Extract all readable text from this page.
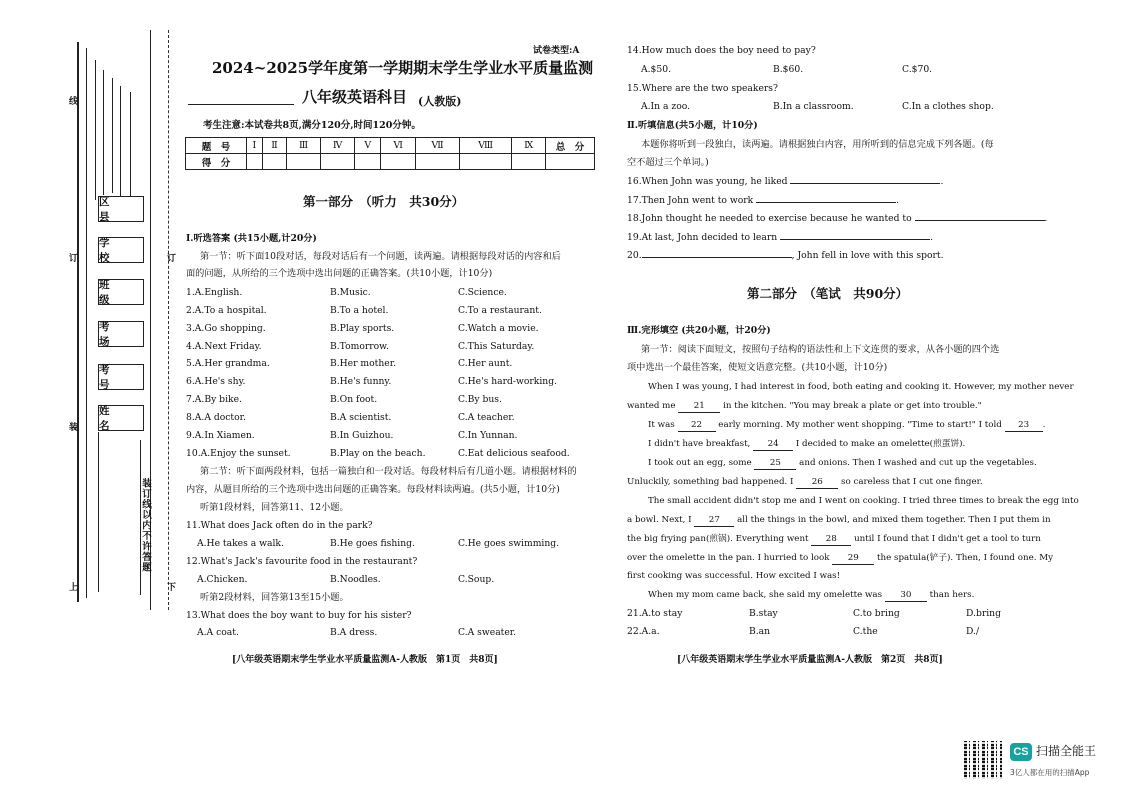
区 县
学 校
班 级
考 场
考 号
姓 名
装订线以内不许答题
线
订	订
装
上	下
试卷类型:A
2024~2025学年度第一学期期末学生学业水平质量监测
八年级英语科目 (人教版)
考生注意:本试卷共8页,满分120分,时间120分钟。
题　号	Ⅰ	Ⅱ	Ⅲ	Ⅳ	Ⅴ	Ⅵ	Ⅶ	Ⅷ	Ⅸ	总　分
得　分										
第一部分　（听力　共30分）
Ⅰ.听选答案 (共15小题,计20分)
第一节：听下面10段对话，每段对话后有一个问题，读两遍。请根据每段对话的内容和后
面的问题，从所给的三个选项中选出问题的正确答案。(共10小题，计10分)
1.A.English.	B.Music.	C.Science.
2.A.To a hospital.	B.To a hotel.	C.To a restaurant.
3.A.Go shopping.	B.Play sports.	C.Watch a movie.
4.A.Next Friday.	B.Tomorrow.	C.This Saturday.
5.A.Her grandma.	B.Her mother.	C.Her aunt.
6.A.He's shy.	B.He's funny.	C.He's hard-working.
7.A.By bike.	B.On foot.	C.By bus.
8.A.A doctor.	B.A scientist.	C.A teacher.
9.A.In Xiamen.	B.In Guizhou.	C.In Yunnan.
10.A.Enjoy the sunset.	B.Play on the beach.	C.Eat delicious seafood.
第二节：听下面两段材料，包括一篇独白和一段对话。每段材料后有几道小题。请根据材料的
内容，从题目所给的三个选项中选出问题的正确答案。每段材料读两遍。(共5小题，计10分)
听第1段材料，回答第11、12小题。
11.What does Jack often do in the park?
A.He takes a walk.	B.He goes fishing.	C.He goes swimming.
12.What's Jack's favourite food in the restaurant?
A.Chicken.	B.Noodles.	C.Soup.
听第2段材料，回答第13至15小题。
13.What does the boy want to buy for his sister?
A.A coat.	B.A dress.	C.A sweater.
[八年级英语期末学生学业水平质量监测A-人教版　第1页　共8页]
14.How much does the boy need to pay?
A.$50.	B.$60.	C.$70.
15.Where are the two speakers?
A.In a zoo.	B.In a classroom.	C.In a clothes shop.
Ⅱ.听填信息(共5小题，计10分)
本题你将听到一段独白，读两遍。请根据独白内容，用所听到的信息完成下列各题。(每
空不超过三个单词。)
16.When John was young, he liked	.
17.Then John went to work	.
18.John thought he needed to exercise because he wanted to	.
19.At last, John decided to learn	.
20.	, John fell in love with this sport.
第二部分　（笔试　共90分）
Ⅲ.完形填空 (共20小题，计20分)
第一节：阅读下面短文，按照句子结构的语法性和上下文连贯的要求，从各小题的四个选
项中选出一个最佳答案，使短文语意完整。(共10小题，计10分)
When I was young, I had interest in food, both eating and cooking it. However, my mother never
wanted me 21 in the kitchen. "You may break a plate or get into trouble."
It was 22 early morning. My mother went shopping. "Time to start!" I told 23 .
I didn't have breakfast, 24 I decided to make an omelette(煎蛋饼).
I took out an egg, some 25 and onions. Then I washed and cut up the vegetables.
Unluckily, something bad happened. I 26 so careless that I cut one finger.
The small accident didn't stop me and I went on cooking. I tried three times to break the egg into
a bowl. Next, I 27 all the things in the bowl, and mixed them together. Then I put them in
the big frying pan(煎锅). Everything went 28 until I found that I didn't get a tool to turn
over the omelette in the pan. I hurried to look 29 the spatula(铲子). Then, I found one. My
first cooking was successful. How excited I was!
When my mom came back, she said my omelette was 30 than hers.
21.A.to stay	B.stay	C.to bring	D.bring
22.A.a.	B.an	C.the	D./
[八年级英语期末学生学业水平质量监测A-人教版　第2页　共8页]
CS 扫描全能王
3亿人都在用的扫描App
